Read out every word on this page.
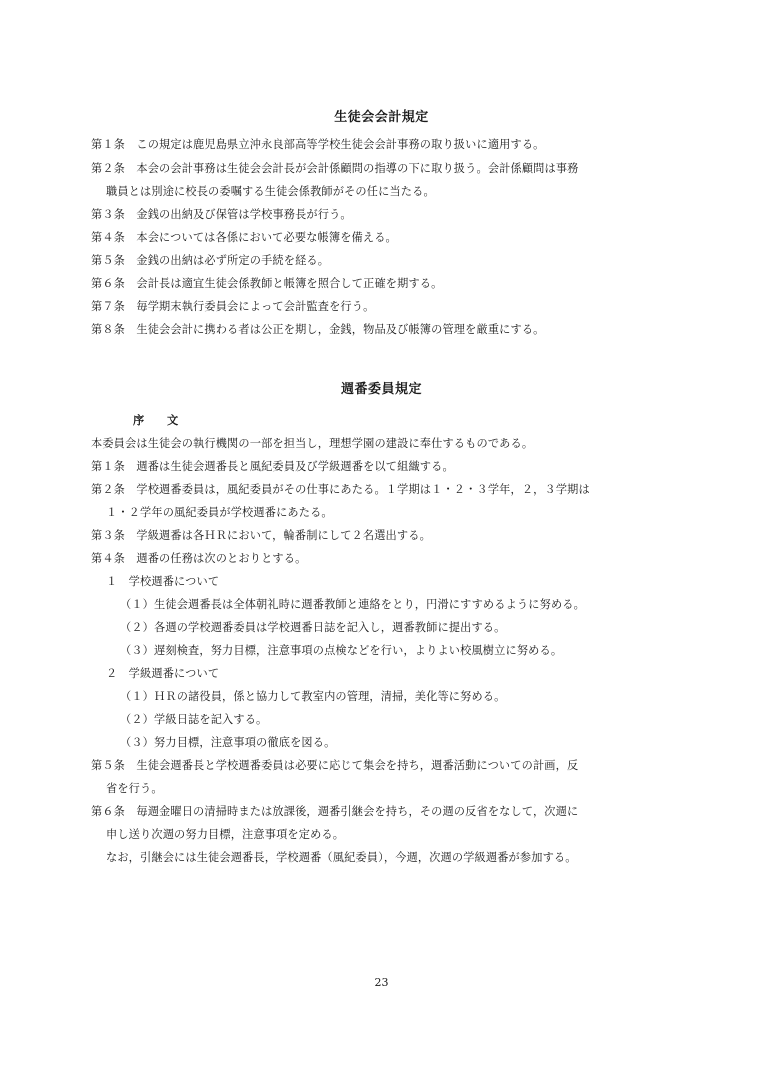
生徒会会計規定
第１条　この規定は鹿児島県立沖永良部高等学校生徒会会計事務の取り扱いに適用する。
第２条　本会の会計事務は生徒会会計長が会計係顧問の指導の下に取り扱う。会計係顧問は事務
職員とは別途に校長の委嘱する生徒会係教師がその任に当たる。
第３条　金銭の出納及び保管は学校事務長が行う。
第４条　本会については各係において必要な帳簿を備える。
第５条　金銭の出納は必ず所定の手続を経る。
第６条　会計長は適宜生徒会係教師と帳簿を照合して正確を期する。
第７条　毎学期末執行委員会によって会計監査を行う。
第８条　生徒会会計に携わる者は公正を期し，金銭，物品及び帳簿の管理を厳重にする。
週番委員規定
序　　文
本委員会は生徒会の執行機関の一部を担当し，理想学園の建設に奉仕するものである。
第１条　週番は生徒会週番長と風紀委員及び学級週番を以て組織する。
第２条　学校週番委員は，風紀委員がその仕事にあたる。１学期は１・２・３学年，２，３学期は
１・２学年の風紀委員が学校週番にあたる。
第３条　学級週番は各ＨＲにおいて，輪番制にして２名選出する。
第４条　週番の任務は次のとおりとする。
１　学校週番について
（１）生徒会週番長は全体朝礼時に週番教師と連絡をとり，円滑にすすめるように努める。
（２）各週の学校週番委員は学校週番日誌を記入し，週番教師に提出する。
（３）遅刻検査，努力目標，注意事項の点検などを行い，よりよい校風樹立に努める。
２　学級週番について
（１）ＨＲの諸役員，係と協力して教室内の管理，清掃，美化等に努める。
（２）学級日誌を記入する。
（３）努力目標，注意事項の徹底を図る。
第５条　生徒会週番長と学校週番委員は必要に応じて集会を持ち，週番活動についての計画，反
省を行う。
第６条　毎週金曜日の清掃時または放課後，週番引継会を持ち，その週の反省をなして，次週に
申し送り次週の努力目標，注意事項を定める。
なお，引継会には生徒会週番長，学校週番（風紀委員），今週，次週の学級週番が参加する。
23
